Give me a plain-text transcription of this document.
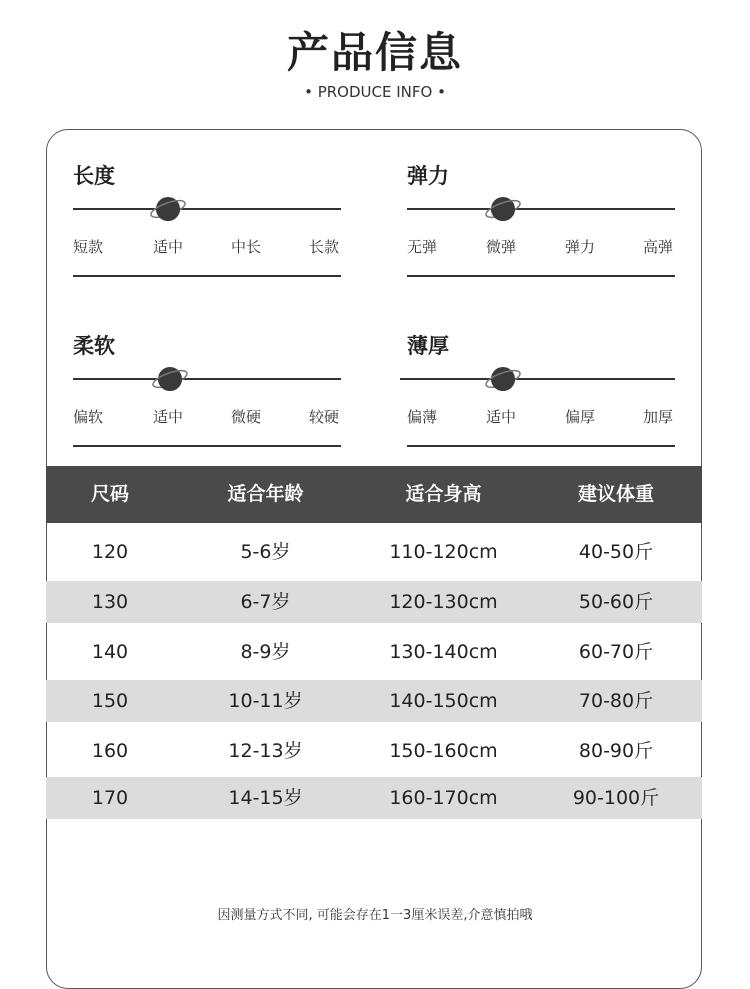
产品信息
• PRODUCE INFO •
长度
短款	适中	中长	长款
弹力
无弹	微弹	弹力	高弹
柔软
偏软	适中	微硬	较硬
薄厚
偏薄	适中	偏厚	加厚
尺码	适合年龄	适合身高	建议体重
120	5-6岁	110-120cm	40-50斤
130	6-7岁	120-130cm	50-60斤
140	8-9岁	130-140cm	60-70斤
150	10-11岁	140-150cm	70-80斤
160	12-13岁	150-160cm	80-90斤
170	14-15岁	160-170cm	90-100斤
因测量方式不同, 可能会存在1一3厘米误差,介意慎拍哦
